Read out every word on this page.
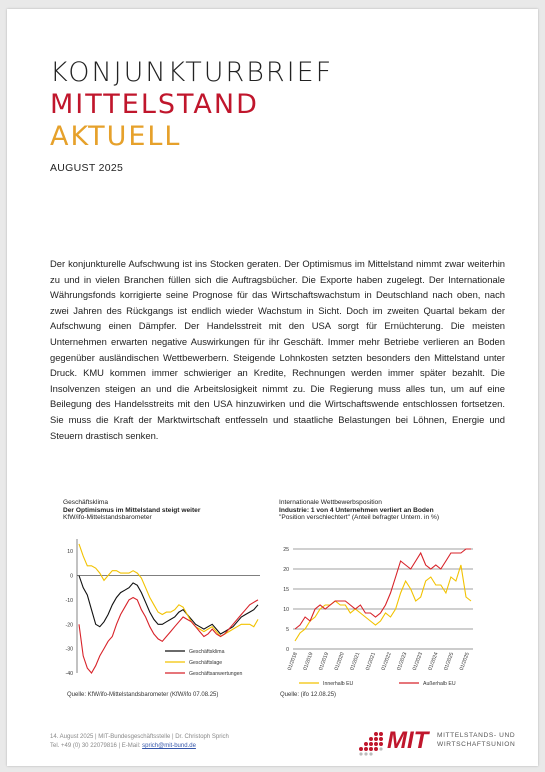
KONJUNKTURBRIEF
MITTELSTAND
AKTUELL
AUGUST 2025
Der konjunkturelle Aufschwung ist ins Stocken geraten. Der Optimismus im Mittelstand nimmt zwar weiterhin zu und in vielen Branchen füllen sich die Auftragsbücher. Die Exporte haben zugelegt. Der Internationale Währungsfonds korrigierte seine Prognose für das Wirtschaftswachstum in Deutschland nach oben, nach zwei Jahren des Rückgangs ist endlich wieder Wachstum in Sicht. Doch im zweiten Quartal bekam der Aufschwung einen Dämpfer. Der Handelsstreit mit den USA sorgt für Ernüchterung. Die meisten Unternehmen erwarten negative Auswirkungen für ihr Geschäft. Immer mehr Betriebe verlieren an Boden gegenüber ausländischen Wettbewerbern. Steigende Lohnkosten setzten besonders den Mittelstand unter Druck. KMU kommen immer schwieriger an Kredite, Rechnungen werden immer später bezahlt. Die Insolvenzen steigen an und die Arbeitslosigkeit nimmt zu. Die Regierung muss alles tun, um auf eine Beilegung des Handelsstreits mit den USA hinzuwirken und die Wirtschaftswende entschlossen fortsetzen. Sie muss die Kraft der Marktwirtschaft entfesseln und staatliche Belastungen bei Löhnen, Energie und Steuern drastisch senken.
Geschäftsklima
Der Optimismus im Mittelstand steigt weiter
KfW/ifo-Mittelstandsbarometer
10
0
-10
-20
-30
-40
Geschäftsklima
Geschäftslage
Geschäftsanwertungen
Quelle: KfW/ifo-Mittelstandsbarometer (KfW/ifo 07.08.25)
Internationale Wettbewerbsposition
Industrie: 1 von 4 Unternehmen verliert an Boden
"Position verschlechtert" (Anteil befragter Untern. in %)
25
20
15
10
5
0
01/2018 01/2019 01/2019 01/2020 01/2021 01/2021 01/2022 01/2023 01/2023 01/2024 01/2025 01/2025
Innerhalb EU	Außerhalb EU
Quelle: (ifo 12.08.25)
14. August 2025 | MIT-Bundesgeschäftsstelle | Dr. Christoph Sprich
Tel. +49 (0) 30 22079816 | E-Mail: sprich@mit-bund.de	MIT MITTELSTANDS- UND
WIRTSCHAFTSUNION
